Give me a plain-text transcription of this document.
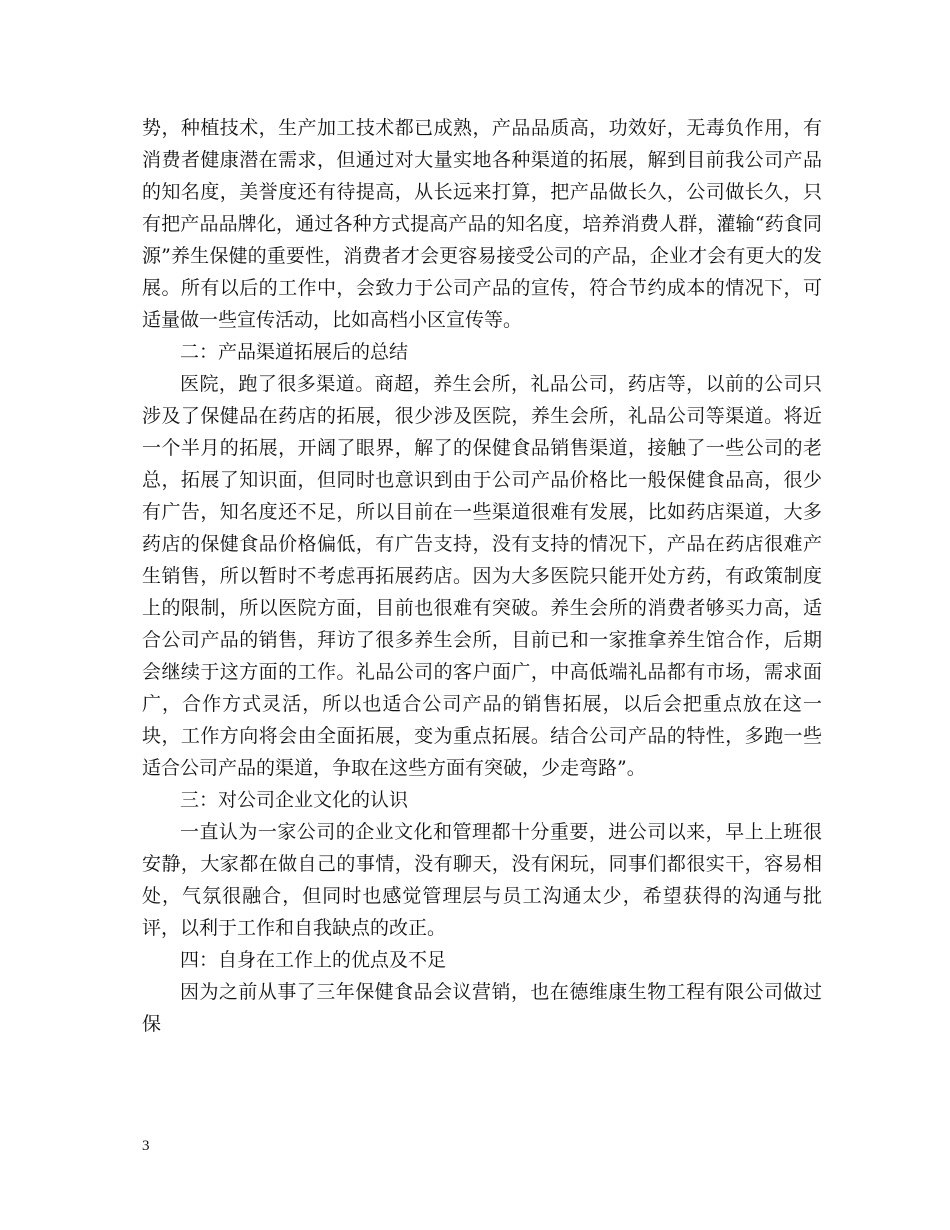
势，种植技术，生产加工技术都已成熟，产品品质高，功效好，无毒负作用，有消费者健康潜在需求，但通过对大量实地各种渠道的拓展，解到目前我公司产品的知名度，美誉度还有待提高，从长远来打算，把产品做长久，公司做长久，只有把产品品牌化，通过各种方式提高产品的知名度，培养消费人群，灌输“药食同源”养生保健的重要性，消费者才会更容易接受公司的产品，企业才会有更大的发展。所有以后的工作中，会致力于公司产品的宣传，符合节约成本的情况下，可适量做一些宣传活动，比如高档小区宣传等。

二：产品渠道拓展后的总结

医院，跑了很多渠道。商超，养生会所，礼品公司，药店等，以前的公司只涉及了保健品在药店的拓展，很少涉及医院，养生会所，礼品公司等渠道。将近一个半月的拓展，开阔了眼界，解了的保健食品销售渠道，接触了一些公司的老总，拓展了知识面，但同时也意识到由于公司产品价格比一般保健食品高，很少有广告，知名度还不足，所以目前在一些渠道很难有发展，比如药店渠道，大多药店的保健食品价格偏低，有广告支持，没有支持的情况下，产品在药店很难产生销售，所以暂时不考虑再拓展药店。因为大多医院只能开处方药，有政策制度上的限制，所以医院方面，目前也很难有突破。养生会所的消费者够买力高，适合公司产品的销售，拜访了很多养生会所，目前已和一家推拿养生馆合作，后期会继续于这方面的工作。礼品公司的客户面广，中高低端礼品都有市场，需求面广，合作方式灵活，所以也适合公司产品的销售拓展，以后会把重点放在这一块，工作方向将会由全面拓展，变为重点拓展。结合公司产品的特性，多跑一些适合公司产品的渠道，争取在这些方面有突破，少走弯路”。

三：对公司企业文化的认识

一直认为一家公司的企业文化和管理都十分重要，进公司以来，早上上班很安静，大家都在做自己的事情，没有聊天，没有闲玩，同事们都很实干，容易相处，气氛很融合，但同时也感觉管理层与员工沟通太少，希望获得的沟通与批评，以利于工作和自我缺点的改正。

四：自身在工作上的优点及不足

因为之前从事了三年保健食品会议营销，也在德维康生物工程有限公司做过保

3
